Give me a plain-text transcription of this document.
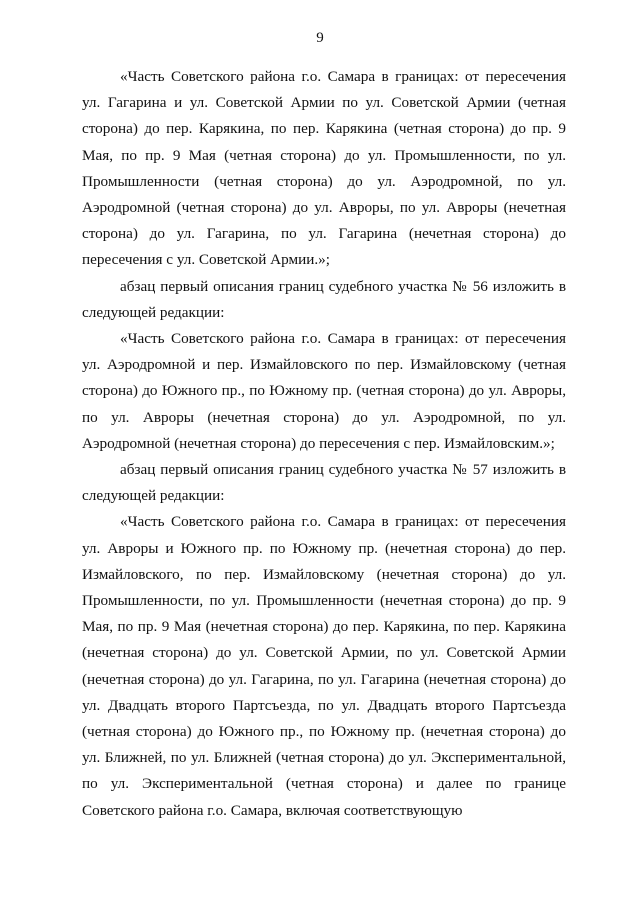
9

«Часть Советского района г.о. Самара в границах: от пересечения ул. Гагарина и ул. Советской Армии по ул. Советской Армии (четная сторона) до пер. Карякина, по пер. Карякина (четная сторона) до пр. 9 Мая, по пр. 9 Мая (четная сторона) до ул. Промышленности, по ул. Промышленности (четная сторона) до ул. Аэродромной, по ул. Аэродромной (четная сторона) до ул. Авроры, по ул. Авроры (нечетная сторона) до ул. Гагарина, по ул. Гагарина (нечетная сторона) до пересечения с ул. Советской Армии.»;

абзац первый описания границ судебного участка № 56 изложить в следующей редакции:

«Часть Советского района г.о. Самара в границах: от пересечения ул. Аэродромной и пер. Измайловского по пер. Измайловскому (четная сторона) до Южного пр., по Южному пр. (четная сторона) до ул. Авроры, по ул. Авроры (нечетная сторона) до ул. Аэродромной, по ул. Аэродромной (нечетная сторона) до пересечения с пер. Измайловским.»;

абзац первый описания границ судебного участка № 57 изложить в следующей редакции:

«Часть Советского района г.о. Самара в границах: от пересечения ул. Авроры и Южного пр. по Южному пр. (нечетная сторона) до пер. Измайловского, по пер. Измайловскому (нечетная сторона) до ул. Промышленности, по ул. Промышленности (нечетная сторона) до пр. 9 Мая, по пр. 9 Мая (нечетная сторона) до пер. Карякина, по пер. Карякина (нечетная сторона) до ул. Советской Армии, по ул. Советской Армии (нечетная сторона) до ул. Гагарина, по ул. Гагарина (нечетная сторона) до ул. Двадцать второго Партсъезда, по ул. Двадцать второго Партсъезда (четная сторона) до Южного пр., по Южному пр. (нечетная сторона) до ул. Ближней, по ул. Ближней (четная сторона) до ул. Экспериментальной, по ул. Экспериментальной (четная сторона) и далее по границе Советского района г.о. Самара, включая соответствующую
